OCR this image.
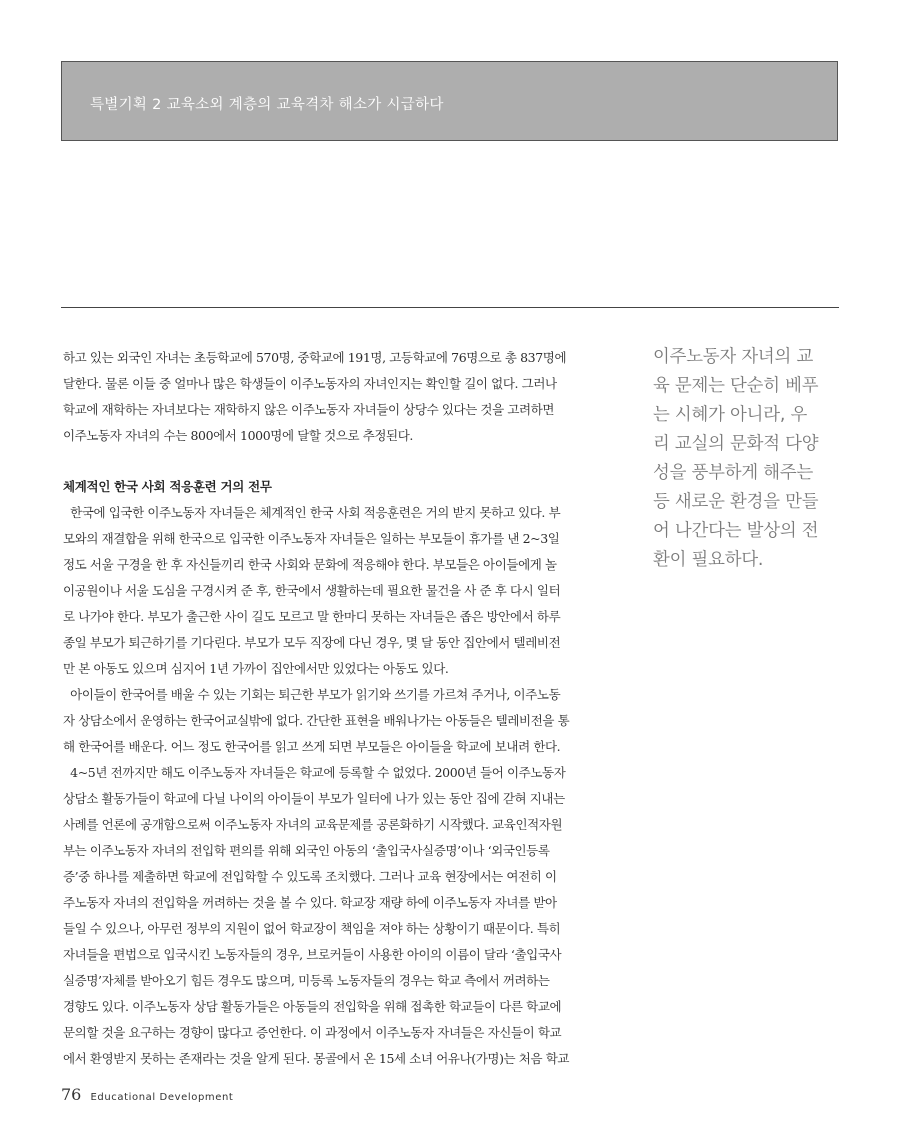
특별기획 2 교육소외 계층의 교육격차 해소가 시급하다
하고 있는 외국인 자녀는 초등학교에 570명, 중학교에 191명, 고등학교에 76명으로 총 837명에
달한다. 물론 이들 중 얼마나 많은 학생들이 이주노동자의 자녀인지는 확인할 길이 없다. 그러나
학교에 재학하는 자녀보다는 재학하지 않은 이주노동자 자녀들이 상당수 있다는 것을 고려하면
이주노동자 자녀의 수는 800에서 1000명에 달할 것으로 추정된다.
체계적인 한국 사회 적응훈련 거의 전무
한국에 입국한 이주노동자 자녀들은 체계적인 한국 사회 적응훈련은 거의 받지 못하고 있다. 부
모와의 재결합을 위해 한국으로 입국한 이주노동자 자녀들은 일하는 부모들이 휴가를 낸 2~3일
정도 서울 구경을 한 후 자신들끼리 한국 사회와 문화에 적응해야 한다. 부모들은 아이들에게 놀
이공원이나 서울 도심을 구경시켜 준 후, 한국에서 생활하는데 필요한 물건을 사 준 후 다시 일터
로 나가야 한다. 부모가 출근한 사이 길도 모르고 말 한마디 못하는 자녀들은 좁은 방안에서 하루
종일 부모가 퇴근하기를 기다린다. 부모가 모두 직장에 다닌 경우, 몇 달 동안 집안에서 텔레비전
만 본 아동도 있으며 심지어 1년 가까이 집안에서만 있었다는 아동도 있다.
아이들이 한국어를 배울 수 있는 기회는 퇴근한 부모가 읽기와 쓰기를 가르쳐 주거나, 이주노동
자 상담소에서 운영하는 한국어교실밖에 없다. 간단한 표현을 배워나가는 아동들은 텔레비전을 통
해 한국어를 배운다. 어느 정도 한국어를 읽고 쓰게 되면 부모들은 아이들을 학교에 보내려 한다.
4~5년 전까지만 해도 이주노동자 자녀들은 학교에 등록할 수 없었다. 2000년 들어 이주노동자
상담소 활동가들이 학교에 다닐 나이의 아이들이 부모가 일터에 나가 있는 동안 집에 갇혀 지내는
사례를 언론에 공개함으로써 이주노동자 자녀의 교육문제를 공론화하기 시작했다. 교육인적자원
부는 이주노동자 자녀의 전입학 편의를 위해 외국인 아동의 ‘출입국사실증명’이나 ‘외국인등록
증’중 하나를 제출하면 학교에 전입학할 수 있도록 조치했다. 그러나 교육 현장에서는 여전히 이
주노동자 자녀의 전입학을 꺼려하는 것을 볼 수 있다. 학교장 재량 하에 이주노동자 자녀를 받아
들일 수 있으나, 아무런 정부의 지원이 없어 학교장이 책임을 져야 하는 상황이기 때문이다. 특히
자녀들을 편법으로 입국시킨 노동자들의 경우, 브로커들이 사용한 아이의 이름이 달라 ‘출입국사
실증명’자체를 받아오기 힘든 경우도 많으며, 미등록 노동자들의 경우는 학교 측에서 꺼려하는
경향도 있다. 이주노동자 상담 활동가들은 아동들의 전입학을 위해 접촉한 학교들이 다른 학교에
문의할 것을 요구하는 경향이 많다고 증언한다. 이 과정에서 이주노동자 자녀들은 자신들이 학교
에서 환영받지 못하는 존재라는 것을 알게 된다. 몽골에서 온 15세 소녀 어유나(가명)는 처음 학교
이주노동자 자녀의 교
육 문제는 단순히 베푸
는 시혜가 아니라, 우
리 교실의 문화적 다양
성을 풍부하게 해주는
등 새로운 환경을 만들
어 나간다는 발상의 전
환이 필요하다.
76 Educational Development
